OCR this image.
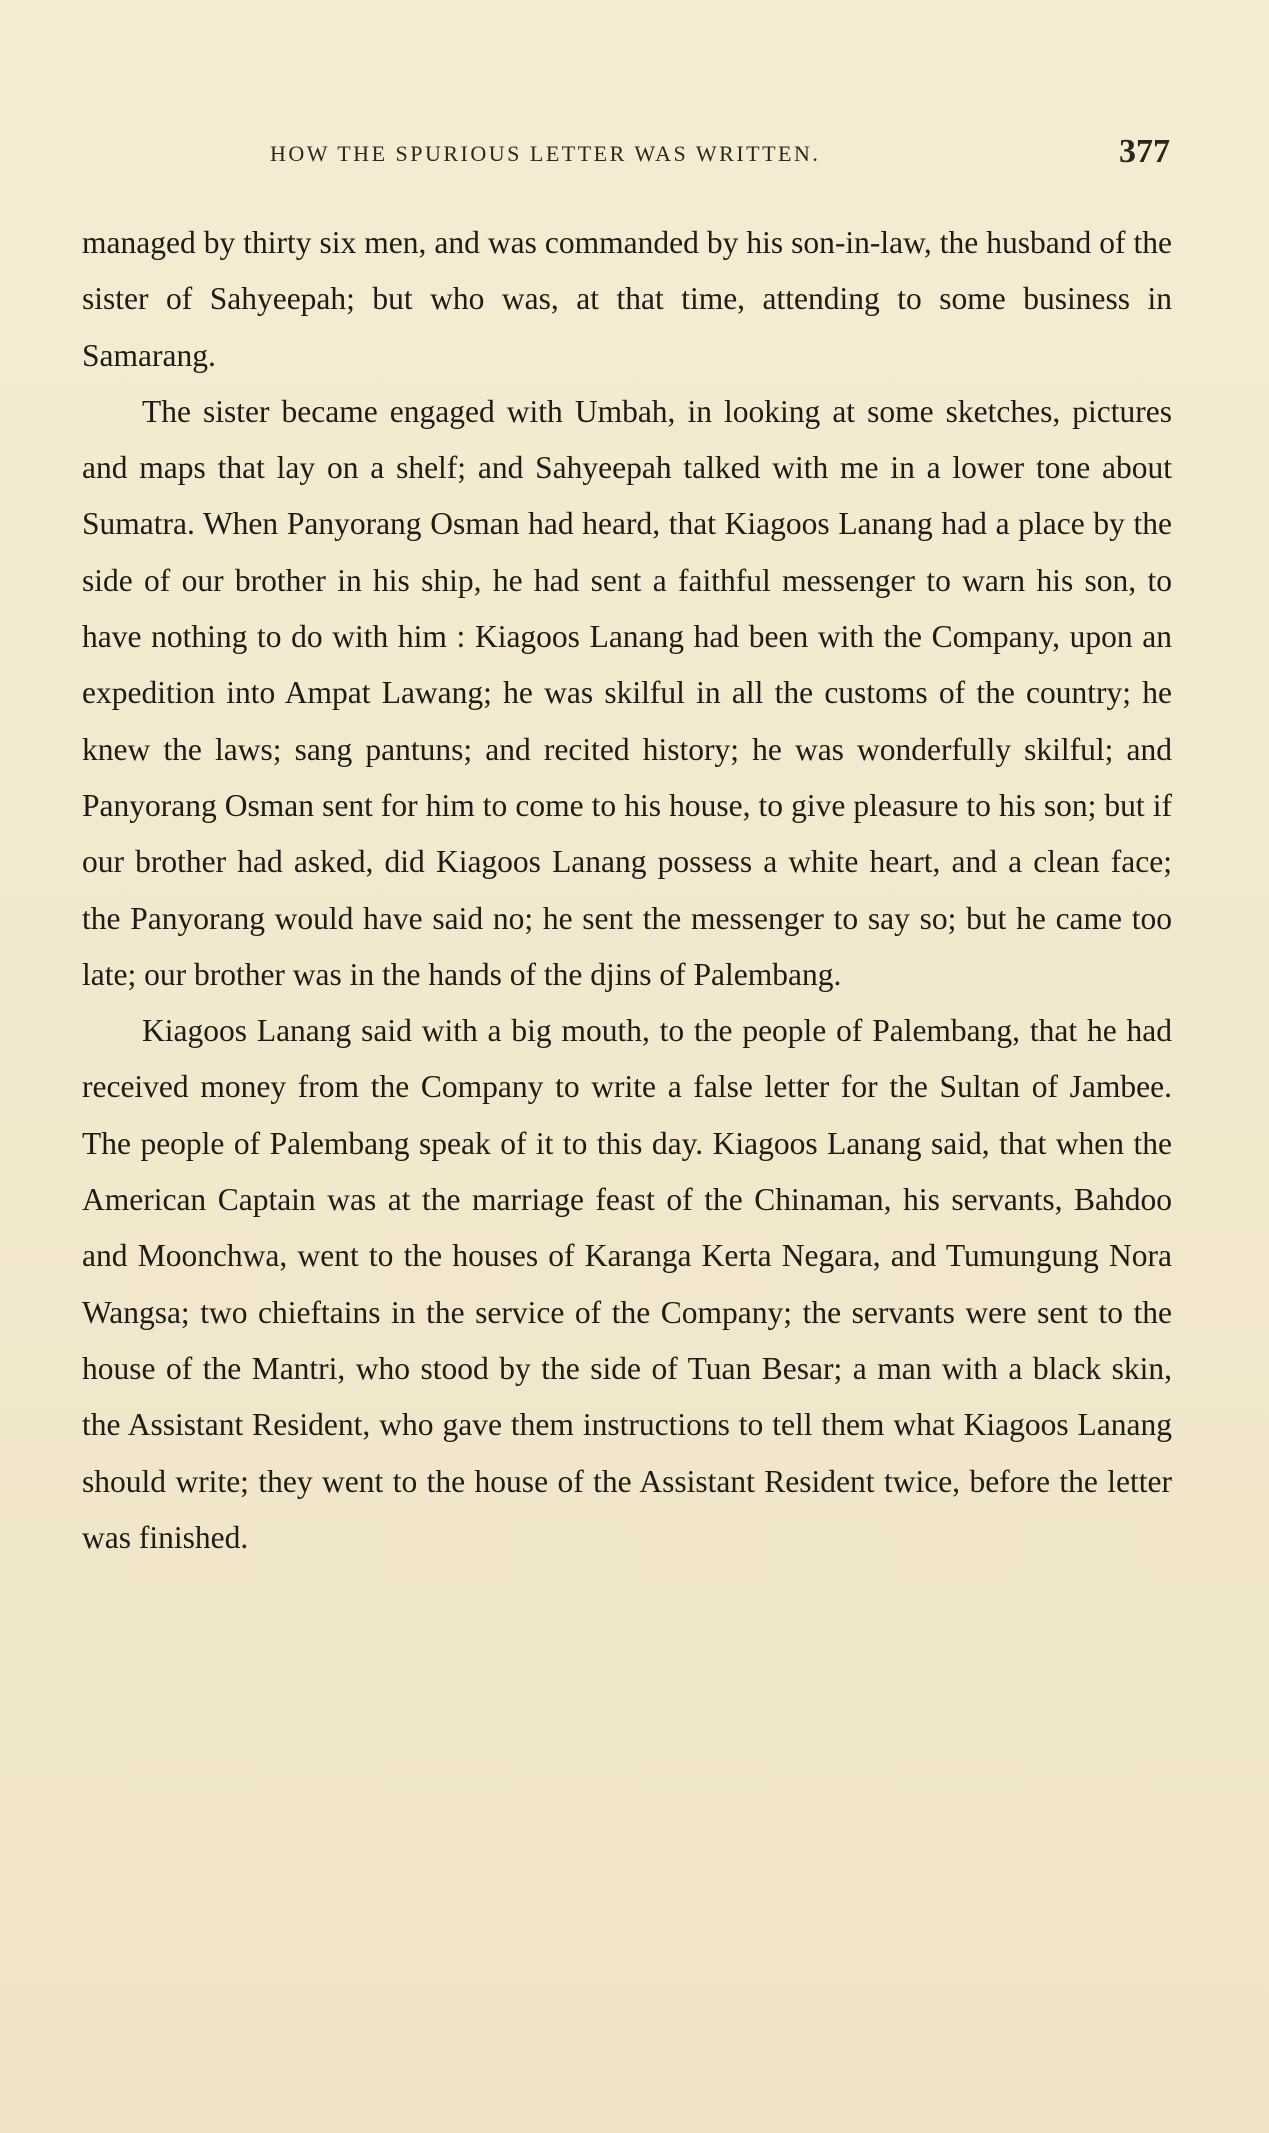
HOW THE SPURIOUS LETTER WAS WRITTEN.	377

managed by thirty six men, and was commanded by his son-in-law, the husband of the sister of Sahyeepah; but who was, at that time, attending to some business in Samarang.

The sister became engaged with Umbah, in looking at some sketches, pictures and maps that lay on a shelf; and Sahyeepah talked with me in a lower tone about Sumatra. When Panyorang Osman had heard, that Kiagoos Lanang had a place by the side of our brother in his ship, he had sent a faithful messenger to warn his son, to have nothing to do with him : Kiagoos Lanang had been with the Company, upon an expedition into Ampat Lawang; he was skilful in all the customs of the country; he knew the laws; sang pantuns; and recited history; he was wonderfully skilful; and Panyorang Osman sent for him to come to his house, to give pleasure to his son; but if our brother had asked, did Kiagoos Lanang possess a white heart, and a clean face; the Panyorang would have said no; he sent the messenger to say so; but he came too late; our brother was in the hands of the djins of Palembang.

Kiagoos Lanang said with a big mouth, to the people of Palembang, that he had received money from the Company to write a false letter for the Sultan of Jambee. The people of Palembang speak of it to this day. Kiagoos Lanang said, that when the American Captain was at the marriage feast of the Chinaman, his servants, Bahdoo and Moonchwa, went to the houses of Karanga Kerta Negara, and Tumungung Nora Wangsa; two chieftains in the service of the Company; the servants were sent to the house of the Mantri, who stood by the side of Tuan Besar; a man with a black skin, the Assistant Resident, who gave them instructions to tell them what Kiagoos Lanang should write; they went to the house of the Assistant Resident twice, before the letter was finished.
